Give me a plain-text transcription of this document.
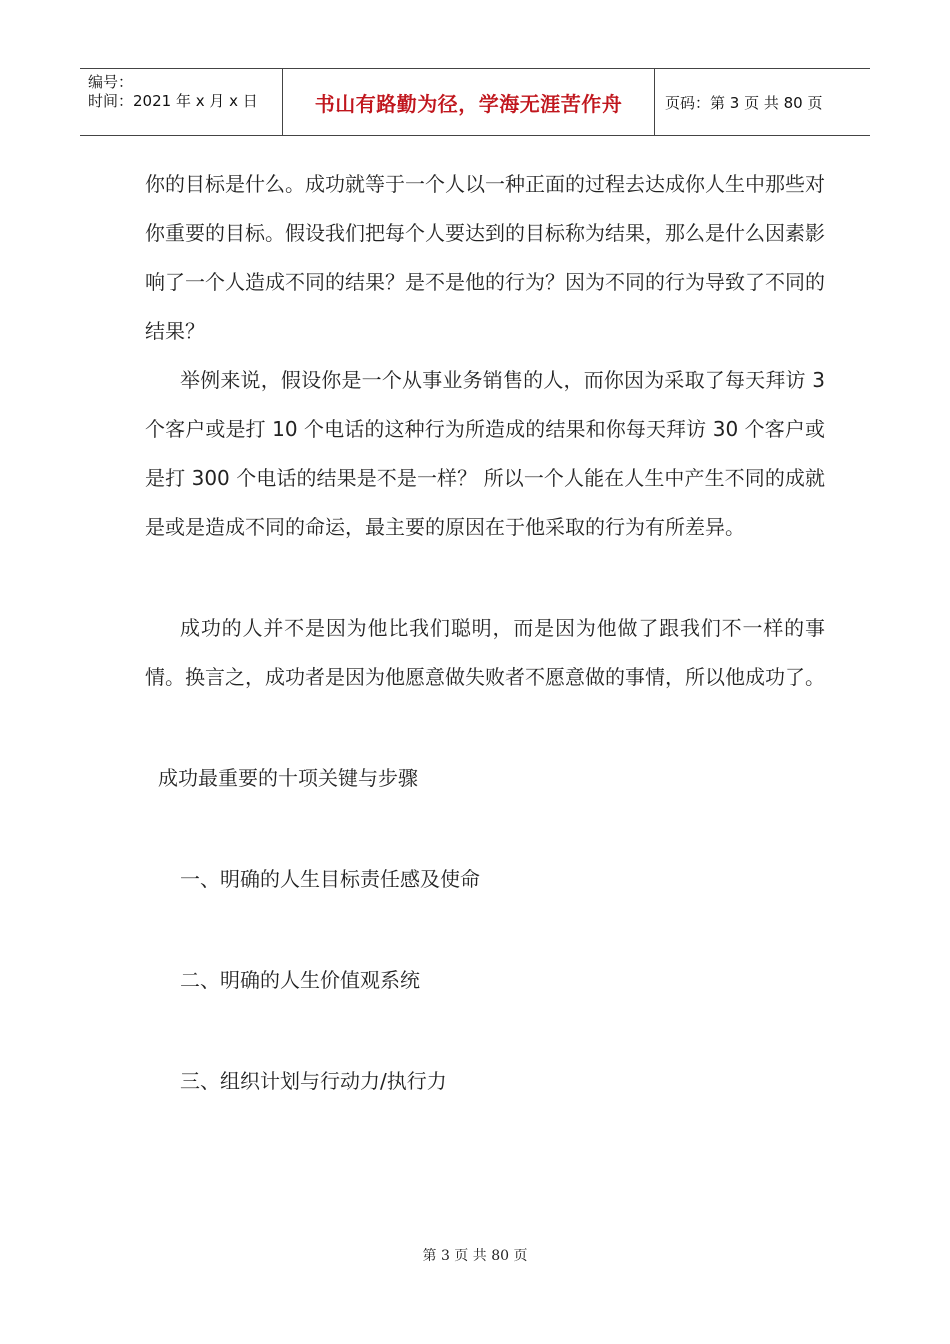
编号：
时间：2021 年 x 月 x 日	书山有路勤为径，学海无涯苦作舟	页码：第 3 页 共 80 页

你的目标是什么。成功就等于一个人以一种正面的过程去达成你人生中那些对你重要的目标。假设我们把每个人要达到的目标称为结果，那么是什么因素影响了一个人造成不同的结果？是不是他的行为？因为不同的行为导致了不同的结果？

举例来说，假设你是一个从事业务销售的人，而你因为采取了每天拜访 3 个客户或是打 10 个电话的这种行为所造成的结果和你每天拜访 30 个客户或是打 300 个电话的结果是不是一样？ 所以一个人能在人生中产生不同的成就是或是造成不同的命运，最主要的原因在于他采取的行为有所差异。

成功的人并不是因为他比我们聪明，而是因为他做了跟我们不一样的事情。换言之，成功者是因为他愿意做失败者不愿意做的事情，所以他成功了。

成功最重要的十项关键与步骤

一、明确的人生目标责任感及使命

二、明确的人生价值观系统

三、组织计划与行动力/执行力

第 3 页 共 80 页
